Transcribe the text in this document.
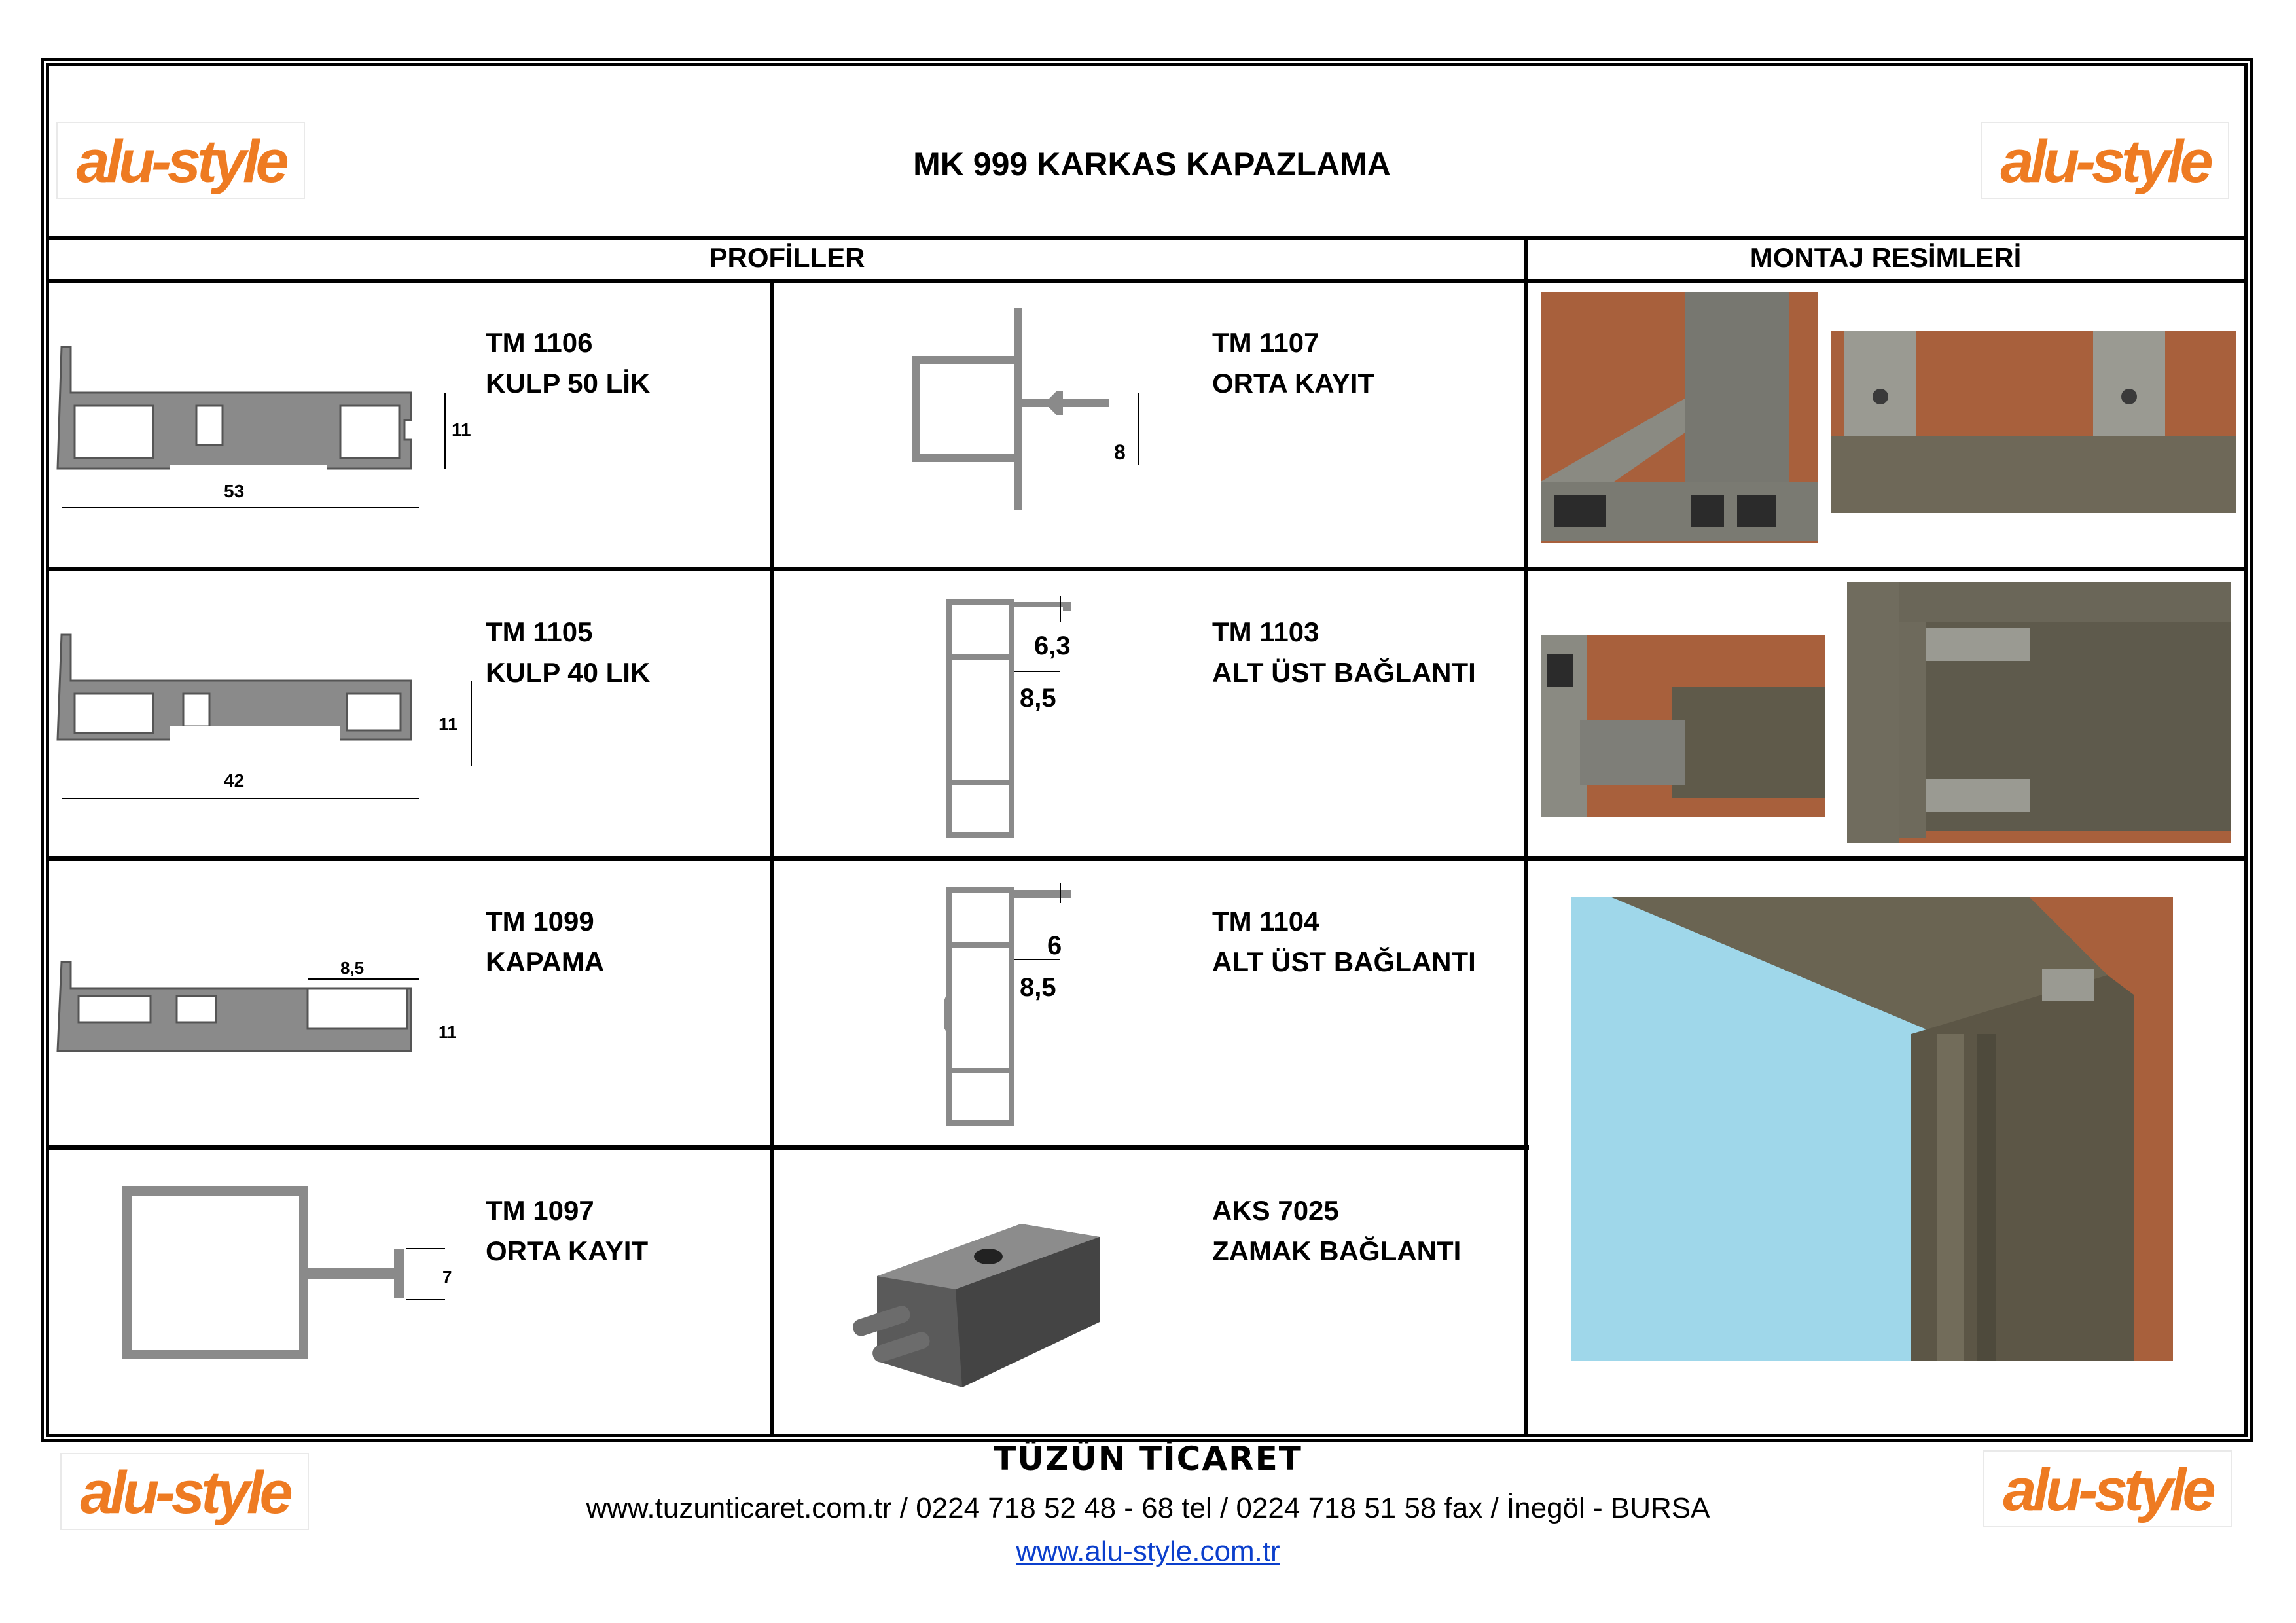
alu-style	alu-style
alu-style	alu-style
MK 999 KARKAS KAPAZLAMA
PROFİLLER	MONTAJ RESİMLERİ
TM 1106
KULP 50 LİK
TM 1107
ORTA KAYIT
TM 1105
KULP 40 LIK
TM 1103
ALT ÜST BAĞLANTI
TM 1099
KAPAMA
TM 1104
ALT ÜST BAĞLANTI
TM 1097
ORTA KAYIT
AKS 7025
ZAMAK BAĞLANTI
11
53
8
11
42
6,3
8,5
8,5
11
6
8,5
7
TÜZÜN TİCARET
www.tuzunticaret.com.tr / 0224 718 52 48 - 68 tel / 0224 718 51 58 fax / İnegöl - BURSA
www.alu-style.com.tr
